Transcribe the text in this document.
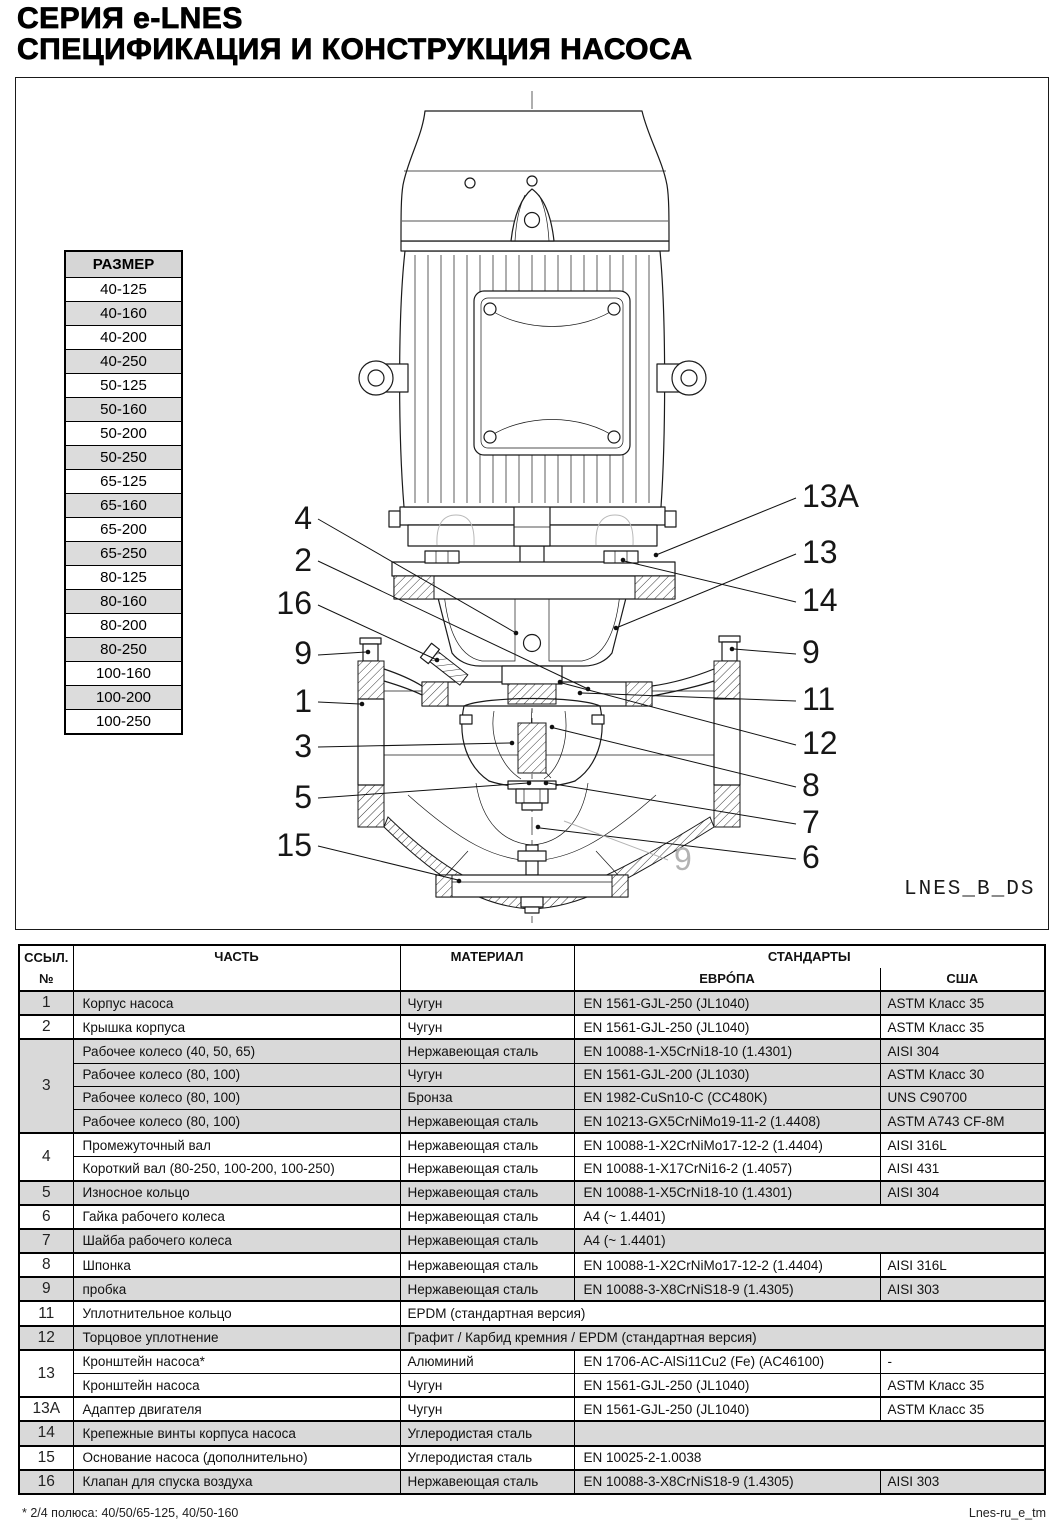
СЕРИЯ e-LNES
СПЕЦИФИКАЦИЯ И КОНСТРУКЦИЯ НАСОСА
4
2
16
9
1
3
5
15
13A
13
14
9
11
12
8
7
6
9
РАЗМЕР
40-125
40-160
40-200
40-250
50-125
50-160
50-200
50-250
65-125
65-160
65-200
65-250
80-125
80-160
80-200
80-250
100-160
100-200
100-250
LNES_B_DS
ССЫЛ.
№	ЧАСТЬ	МАТЕРИАЛ	СТАНДАРТЫ	
			ЕВРÓПА	США
1	Корпус насоса	Чугун	EN 1561-GJL-250 (JL1040)	ASTM Класс 35
2	Крышка корпуса	Чугун	EN 1561-GJL-250 (JL1040)	ASTM Класс 35
3	Рабочее колесо (40, 50, 65)	Нержавеющая сталь	EN 10088-1-X5CrNi18-10 (1.4301)	AISI 304
	Рабочее колесо (80, 100)	Чугун	EN 1561-GJL-200 (JL1030)	ASTM Класс 30
	Рабочее колесо (80, 100)	Бронза	EN 1982-CuSn10-C (CC480K)	UNS C90700
	Рабочее колесо (80, 100)	Нержавеющая сталь	EN 10213-GX5CrNiMo19-11-2 (1.4408)	ASTM A743 CF-8M
4	Промежуточный вал	Нержавеющая сталь	EN 10088-1-X2CrNiMo17-12-2 (1.4404)	AISI 316L
	Короткий вал (80-250, 100-200, 100-250)	Нержавеющая сталь	EN 10088-1-X17CrNi16-2 (1.4057)	AISI 431
5	Износное кольцо	Нержавеющая сталь	EN 10088-1-X5CrNi18-10 (1.4301)	AISI 304
6	Гайка рабочего колеса	Нержавеющая сталь	A4 (~ 1.4401)	
7	Шайба рабочего колеса	Нержавеющая сталь	A4 (~ 1.4401)	
8	Шпонка	Нержавеющая сталь	EN 10088-1-X2CrNiMo17-12-2 (1.4404)	AISI 316L
9	пробка	Нержавеющая сталь	EN 10088-3-X8CrNiS18-9 (1.4305)	AISI 303
11	Уплотнительное кольцо	EPDM (стандартная версия)		
12	Торцовое уплотнение	Графит / Карбид кремния / EPDM (стандартная версия)		
13	Кронштейн насоса*	Алюминий	EN 1706-AC-AlSi11Cu2 (Fe) (AC46100)	-
	Кронштейн насоса	Чугун	EN 1561-GJL-250 (JL1040)	ASTM Класс 35
13A	Адаптер двигателя	Чугун	EN 1561-GJL-250 (JL1040)	ASTM Класс 35
14	Крепежные винты корпуса насоса	Углеродистая сталь		
15	Основание насоса (дополнительно)	Углеродистая сталь	EN 10025-2-1.0038	
16	Клапан для спуска воздуха	Нержавеющая сталь	EN 10088-3-X8CrNiS18-9 (1.4305)	AISI 303
* 2/4 полюса: 40/50/65-125, 40/50-160	Lnes-ru_e_tm
